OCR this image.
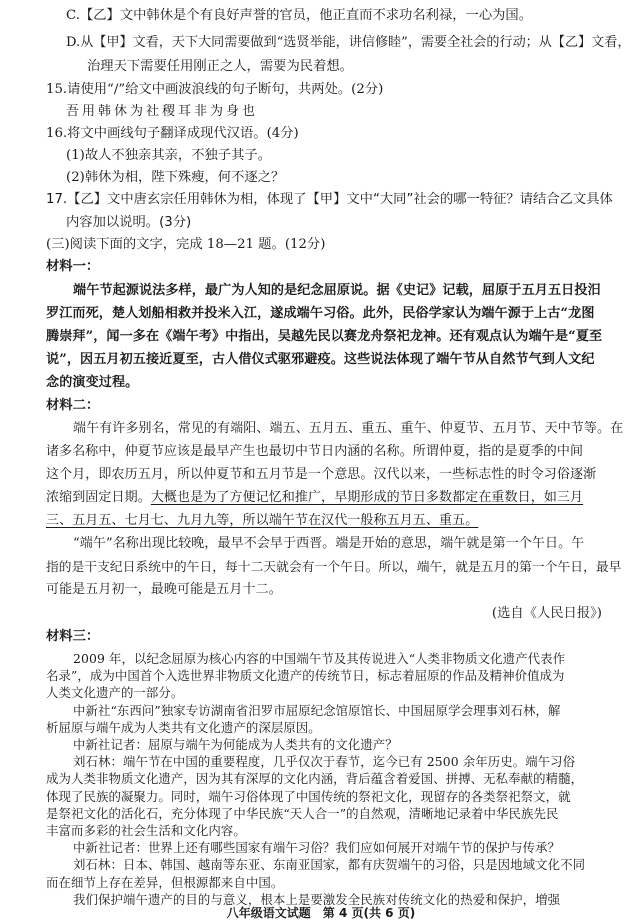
C.【乙】文中韩休是个有良好声誉的官员，他正直而不求功名利禄，一心为国。
D.从【甲】文看，天下大同需要做到“选贤举能，讲信修睦”，需要全社会的行动；从【乙】文看，
治理天下需要任用刚正之人，需要为民着想。
15.请使用“/”给文中画波浪线的句子断句，共两处。(2分)
吾用韩休为社稷耳非为身也
16.将文中画线句子翻译成现代汉语。(4分)
(1)故人不独亲其亲，不独子其子。
(2)韩休为相，陛下殊瘦，何不逐之？
17.【乙】文中唐玄宗任用韩休为相，体现了【甲】文中“大同”社会的哪一特征？请结合乙文具体
内容加以说明。(3分)
(三)阅读下面的文字，完成 18—21 题。(12分)
材料一：
端午节起源说法多样，最广为人知的是纪念屈原说。据《史记》记载，屈原于五月五日投汨
罗江而死，楚人划船相救并投米入江，遂成端午习俗。此外，民俗学家认为端午源于上古“龙图
腾崇拜”，闻一多在《端午考》中指出，吴越先民以赛龙舟祭祀龙神。还有观点认为端午是“夏至
说”，因五月初五接近夏至，古人借仪式驱邪避疫。这些说法体现了端午节从自然节气到人文纪
念的演变过程。
材料二：
端午有许多别名，常见的有端阳、端五、五月五、重五、重午、仲夏节、五月节、天中节等。在
诸多名称中，仲夏节应该是最早产生也最切中节日内涵的名称。所谓仲夏，指的是夏季的中间
这个月，即农历五月，所以仲夏节和五月节是一个意思。汉代以来，一些标志性的时令习俗逐渐
浓缩到固定日期。大概也是为了方便记忆和推广，早期形成的节日多数都定在重数日，如三月
三、五月五、七月七、九月九等，所以端午节在汉代一般称五月五、重五。
“端午”名称出现比较晚，最早不会早于西晋。端是开始的意思，端午就是第一个午日。午
指的是干支纪日系统中的午日，每十二天就会有一个午日。所以，端午，就是五月的第一个午日，最早
可能是五月初一，最晚可能是五月十二。
(选自《人民日报》)
材料三：
2009 年，以纪念屈原为核心内容的中国端午节及其传说进入“人类非物质文化遗产代表作
名录”，成为中国首个入选世界非物质文化遗产的传统节日，标志着屈原的作品及精神价值成为
人类文化遗产的一部分。
中新社“东西问”独家专访湖南省汨罗市屈原纪念馆原馆长、中国屈原学会理事刘石林，解
析屈原与端午成为人类共有文化遗产的深层原因。
中新社记者：屈原与端午为何能成为人类共有的文化遗产？
刘石林：端午节在中国的重要程度，几乎仅次于春节，迄今已有 2500 余年历史。端午习俗
成为人类非物质文化遗产，因为其有深厚的文化内涵，背后蕴含着爱国、拼搏、无私奉献的精髓，
体现了民族的凝聚力。同时，端午习俗体现了中国传统的祭祀文化，现留存的各类祭祀祭文，就
是祭祀文化的活化石，充分体现了中华民族“天人合一”的自然观，清晰地记录着中华民族先民
丰富而多彩的社会生活和文化内容。
中新社记者：世界上还有哪些国家有端午习俗？我们应如何展开对端午节的保护与传承？
刘石林：日本、韩国、越南等东亚、东南亚国家，都有庆贺端午的习俗，只是因地域文化不同
而在细节上存在差异，但根源都来自中国。
我们保护端午遗产的目的与意义，根本上是要激发全民族对传统文化的热爱和保护，増强
八年级语文试题　第 4 页(共 6 页)
